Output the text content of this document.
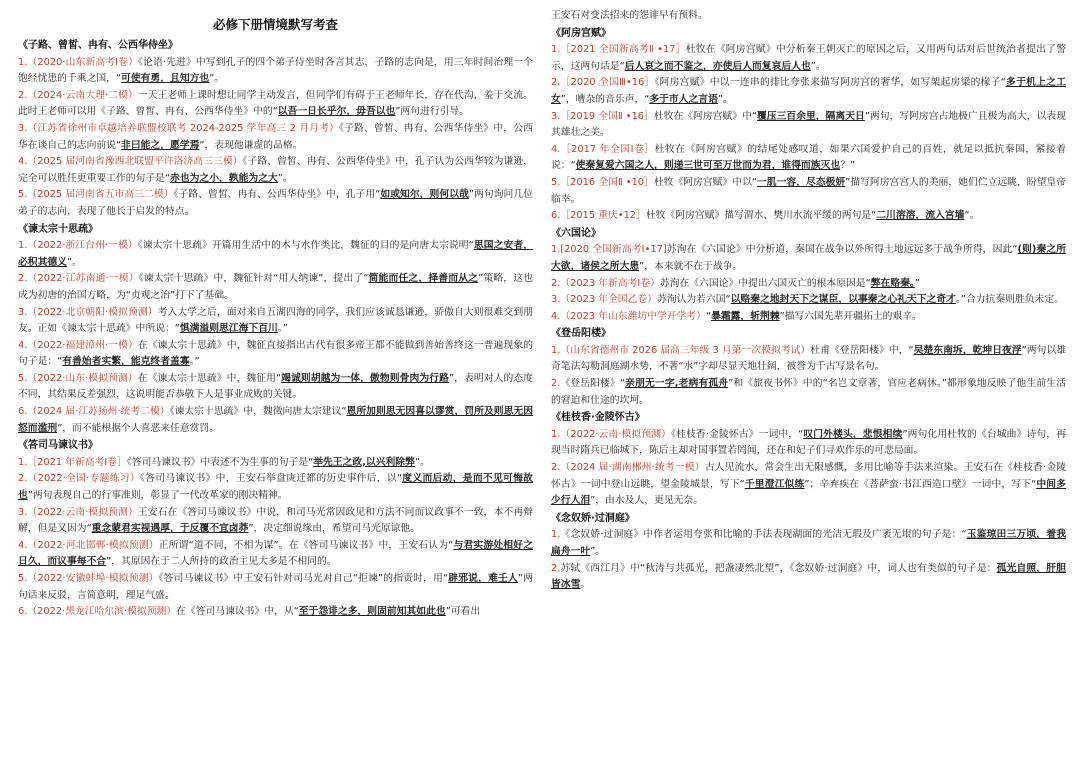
必修下册情境默写考查
《子路、曾皙、冉有、公西华侍坐》

1.（2020·山东新高考Ⅰ卷）《论语·先进》中写到孔子的四个弟子侍坐时各言其志，子路的志向是，用三年时间治理一个饱经忧患的千乘之国，“可使有勇，且知方也”。

2.（2024·云南大理·二模）一天王老师上课时想让同学主动发言，但同学们有碍于王老师年长，存在代沟，羞于交流。此时王老师可以用《子路、曾皙、冉有、公西华侍坐》中的“以吾一日长乎尔，毋吾以也”两句进行引导。

3.（江苏省徐州市卓越培养联盟校联考 2024-2025 学年高三 2 月月考）《子路、曾皙、冉有、公西华侍坐》中，公西华在谈自己的志向前说“非曰能之，愿学焉”，表现他谦虚的品格。

4.（2025 届河南省豫西北联盟平许洛济高三三模）《子路、曾皙、冉有、公西华侍坐》中，孔子认为公西华较为谦逊，完全可以胜任更重要工作的句子是“赤也为之小，孰能为之大”。

5.（2025 届河南省五市高三二模）《子路、曾皙、冉有、公西华侍坐》中，孔子用“如或知尔，则何以哉”两句询问几位弟子的志向，表现了他长于启发的特点。

《谏太宗十思疏》

1.（2022·浙江台州·一模）《谏太宗十思疏》开篇用生活中的木与水作类比，魏征的目的是向唐太宗说明“思国之安者，必积其德义”。

2.（2022·江苏南通·一模）《谏太宗十思疏》中，魏征针对“用人纳谏”，提出了“简能而任之，择善而从之”策略，这也成为初唐的治国方略，为“贞观之治”打下了基础。

3.（2022·北京朝阳·模拟预测）考入大学之后，面对来自五湖四海的同学，我们应该诚恳谦逊，骄傲自大则很难交到朋友。正如《谏太宗十思疏》中所说：“惧满溢则思江海下百川。”

4.（2022·福建漳州·一模）在《谏太宗十思疏》中，魏征直接指出古代有很多帝王都不能做到善始善终这一普遍现象的句子是：“有善始者实繁，能克终者盖寡。”

5.（2022·山东·模拟预测）在《谏太宗十思疏》中，魏征用“竭诚则胡越为一体，傲物则骨肉为行路”，表明对人的态度不同，其结果反差强烈，这说明能否恭敬下人是事业成败的关键。

6.（2024 届·江苏扬州·统考二模）《谏太宗十思疏》中，魏徵向唐太宗建议“恩所加则思无因喜以谬赏，罚所及则思无因怒而滥刑”，而不能根据个人喜恶来任意赏罚。

《答司马谏议书》

1.［2021 年新高考Ⅰ卷］《答司马谏议书》中表述不为生事的句子是“举先王之政,以兴利除弊”。

2.（2022·全国·专题练习）《答司马谏议书》中，王安石举盘庚迁都的历史事件后，以“度义而后动，是而不见可悔故也”两句表现自己的行事准则，彰显了一代改革家的刚决精神。

3.（2022·云南·模拟预测）王安石在《答司马谏议书》中说，和司马光常因政见和方法不同而议政事不一致，本不再辩解，但是又因为“重念蒙君实视遇厚，于反覆不宜卤莽”，决定细说缘由，希望司马光原谅他。

4.（2022·河北邯郸·模拟预测）正所谓“道不同，不相为谋”。在《答司马谏议书》中，王安石认为“与君实游处相好之日久，而议事每不合”，其原因在于二人所持的政治主见大多是不相同的。

5.（2022·安徽蚌埠·模拟预测）《答司马谏议书》中王安石针对司马光对自己“拒谏”的指责时，用“辟邪说，难壬人”两句话来反驳，言简意明，理足气盛。

6.（2022·黑龙江哈尔滨·模拟预测）在《答司马谏议书》中，从“至于怨诽之多，则固前知其如此也”可看出

王安石对变法招来的怨诽早有预料。

《阿房宫赋》

1.［2021 全国新高考Ⅱ •17］杜牧在《阿房宫赋》中分析秦王朝灭亡的原因之后，又用两句话对后世统治者提出了警示，这两句话是“后人哀之而不鉴之，亦使后人而复哀后人也”。

2.［2020 全国Ⅲ•16］《阿房宫赋》中以一连串的排比夸张来描写阿房宫的奢华，如写架起房梁的椽子“多于机上之工女”，嘈杂的音乐声，“多于市人之言语”。

3.［2019 全国Ⅱ •16］杜牧在《阿房宫赋》中“覆压三百余里，隔离天日”两句，写阿房宫占地极广且极为高大，以表现其雄壮之美。

4.［2017 年全国Ⅰ卷］杜牧在《阿房宫赋》的结尾处感叹道，如果六国爱护自己的百姓，就足以抵抗秦国，紧接着说：“使秦复爱六国之人，则递三世可至万世而为君，谁得而族灭也？”

5.［2016 全国Ⅱ •10］杜牧《阿房宫赋》中以“一肌一容，尽态极妍”描写阿房宫宫人的美丽，她们伫立远眺，盼望皇帝临幸。

6.［2015 重庆•12］杜牧《阿房宫赋》描写渭水、樊川水流平缓的两句是“二川溶溶，流入宫墙”。

《六国论》

1.[2020 全国新高考Ⅰ•17]苏洵在《六国论》中分析道，秦国在战争以外所得土地远远多于战争所得，因此“(则)秦之所大欲，诸侯之所大患”，本来就不在于战争。

2.（2023 年新高考Ⅰ卷）苏洵在《六国论》中提出六国灭亡的根本原因是“弊在赂秦。”

3.（2023 年全国乙卷）苏洵认为若六国“以赂秦之地封天下之谋臣，以事秦之心礼天下之奇才。”合力抗秦则胜负未定。

4.（2023 年山东潍坊中学开学考）“暴霜露，斩荆棘”描写六国先辈开疆拓土的艰辛。

《登岳阳楼》

1.（山东省德州市 2026 届高三年级 3 月第一次模拟考试）杜甫《登岳阳楼》中，“吴楚东南坼，乾坤日夜浮”两句以雄奇笔法勾勒洞庭湖水势，不著“水”字却尽显天地壮阔，被誉为千古写景名句。

2.《登岳阳楼》“亲朋无一字,老病有孤舟”和《旅夜书怀》中的“名岂文章著，官应老病休。”都形象地反映了他生前生活的窘迫和仕途的坎坷。

《桂枝香·金陵怀古》

1.（2022·云南·模拟预测）《桂枝香·金陵怀古》一词中，“叹门外楼头，悲恨相续”两句化用杜牧的《台城曲》诗句，再现当时隋兵已临城下，陈后主却对国事置若罔闻，还在和妃子们寻欢作乐的可悲局面。

2.（2024 届·湖南郴州·统考一模）古人见流水，常会生出无限感慨，多用比喻等手法来渲染。王安石在《桂枝香·金陵怀古》一词中登山远眺，望金陵城景，写下“千里澄江似练”；辛弃疾在《菩萨蛮·书江西造口壁》一词中，写下“中间多少行人泪”，由水及人，更见无奈。

《念奴娇·过洞庭》

1.《念奴娇·过洞庭》中作者运用夸张和比喻的手法表现湖面的光洁无瑕及广袤无垠的句子是：“玉鉴琼田三万顷，着我扁舟一叶”。

2.苏轼《西江月》中“秋涛与共孤光，把盏凄然北望”，《念奴娇·过洞庭》中，词人也有类似的句子是：孤光自照，肝胆皆冰雪。
